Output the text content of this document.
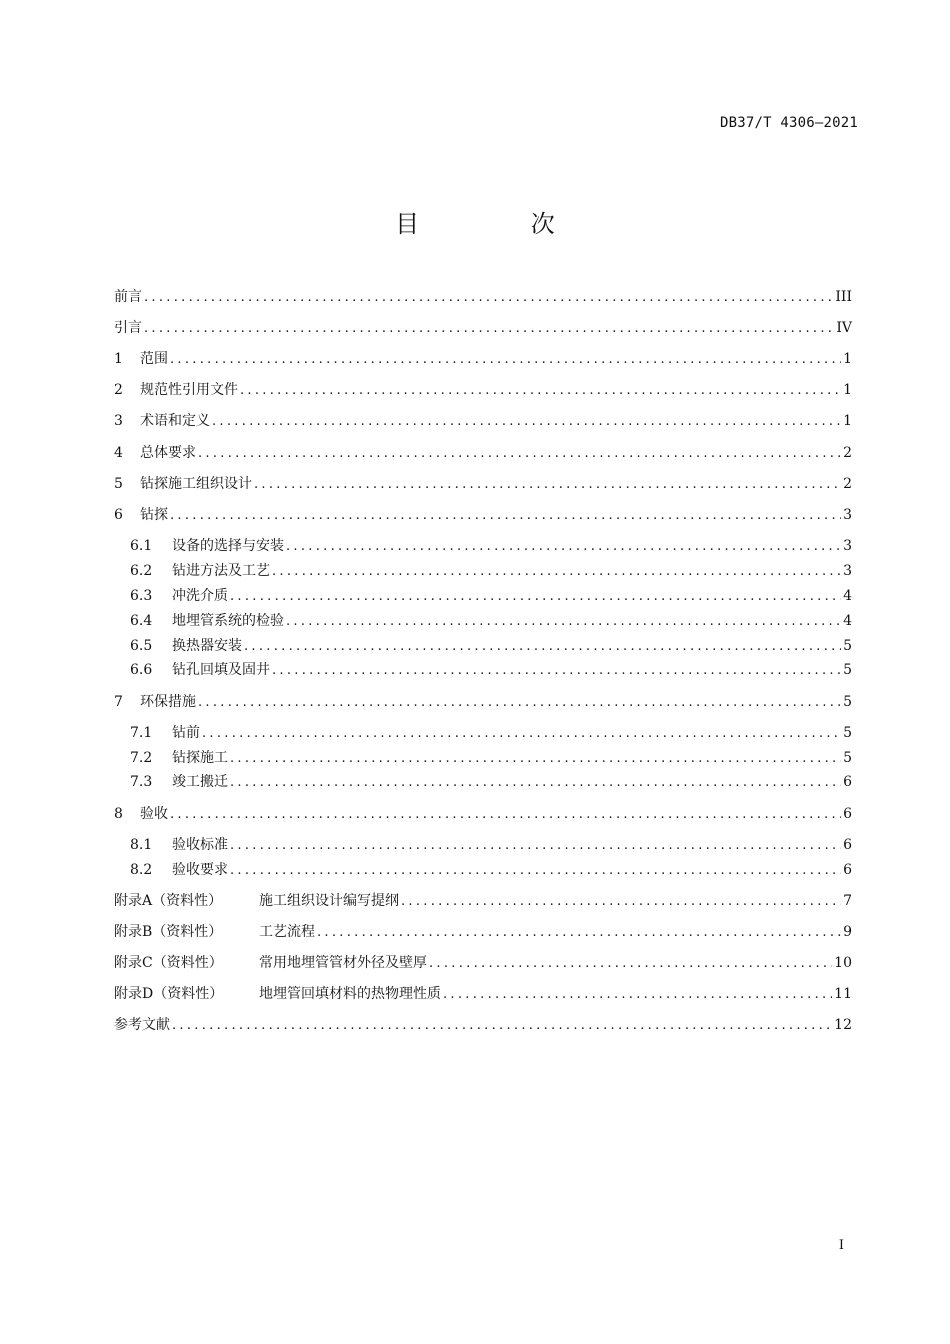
DB37/T 4306—2021
目 次
前言 .....	III
引言 .....	IV
1	范围 .....	1
2	规范性引用文件 .....	1
3	术语和定义 .....	1
4	总体要求 .....	2
5	钻探施工组织设计 .....	2
6	钻探 .....	3
6.1	设备的选择与安装 .....	3
6.2	钻进方法及工艺 .....	3
6.3	冲洗介质 .....	4
6.4	地埋管系统的检验 .....	4
6.5	换热器安装 .....	5
6.6	钻孔回填及固井 .....	5
7	环保措施 .....	5
7.1	钻前 .....	5
7.2	钻探施工 .....	5
7.3	竣工搬迁 .....	6
8	验收 .....	6
8.1	验收标准 .....	6
8.2	验收要求 .....	6
附录A（资料性）	施工组织设计编写提纲 .....	7
附录B（资料性）	工艺流程 .....	9
附录C（资料性）	常用地埋管管材外径及壁厚 .....	10
附录D（资料性）	地埋管回填材料的热物理性质 .....	11
参考文献 .....	12
I
